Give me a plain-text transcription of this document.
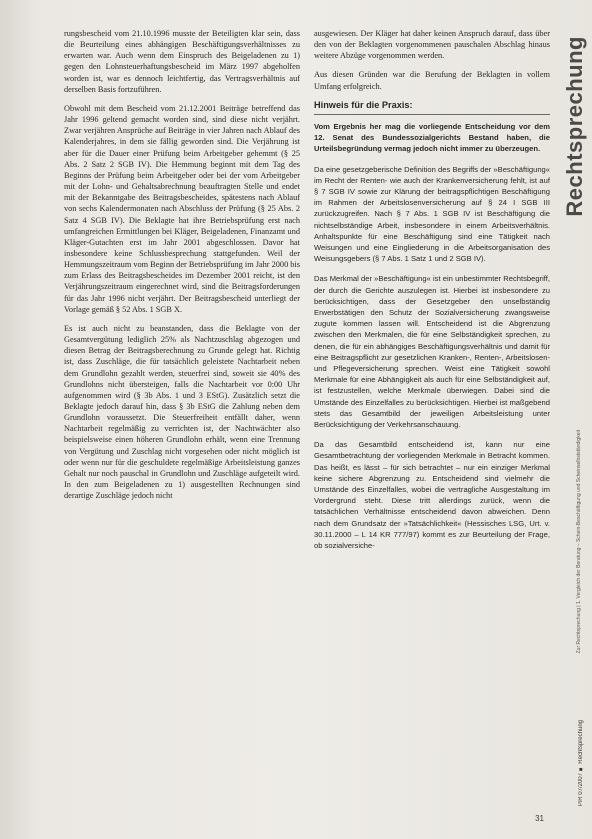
rungsbescheid vom 21.10.1996 musste der Beteiligten klar sein, dass die Beurteilung eines abhängigen Beschäftigungsverhältnisses zu erwarten war. Auch wenn dem Einspruch des Beigeladenen zu 1) gegen den Lohnsteuerhaftungsbescheid im März 1997 abgeholfen worden ist, war es dennoch leichtfertig, das Vertragsverhältnis auf derselben Basis fortzuführen.

Obwohl mit dem Bescheid vom 21.12.2001 Beiträge betreffend das Jahr 1996 geltend gemacht worden sind, sind diese nicht verjährt. Zwar verjähren Ansprüche auf Beiträge in vier Jahren nach Ablauf des Kalenderjahres, in dem sie fällig geworden sind. Die Verjährung ist aber für die Dauer einer Prüfung beim Arbeitgeber gehemmt (§ 25 Abs. 2 Satz 2 SGB IV). Die Hemmung beginnt mit dem Tag des Beginns der Prüfung beim Arbeitgeber oder bei der vom Arbeitgeber mit der Lohn- und Gehaltsabrechnung beauftragten Stelle und endet mit der Bekanntgabe des Beitragsbescheides, spätestens nach Ablauf von sechs Kalendermonaten nach Abschluss der Prüfung (§ 25 Abs. 2 Satz 4 SGB IV). Die Beklagte hat ihre Betriebsprüfung erst nach umfangreichen Ermittlungen bei Kläger, Beigeladenen, Finanzamt und Kläger-Gutachten erst im Jahr 2001 abgeschlossen. Davor hat insbesondere keine Schlussbesprechung stattgefunden. Weil der Hemmungszeitraum vom Beginn der Betriebsprüfung im Jahr 2000 bis zum Erlass des Beitragsbescheides im Dezember 2001 reicht, ist den Verjährungszeitraum eingerechnet wird, sind die Beitragsforderungen für das Jahr 1996 nicht verjährt. Der Beitragsbescheid unterliegt der Vorlage gemäß § 52 Abs. 1 SGB X.

Es ist auch nicht zu beanstanden, dass die Beklagte von der Gesamtvergütung lediglich 25% als Nachtzuschlag abgezogen und diesen Betrag der Beitragsberechnung zu Grunde gelegt hat. Richtig ist, dass Zuschläge, die für tatsächlich geleistete Nachtarbeit neben dem Grundlohn gezahlt werden, steuerfrei sind, soweit sie 40% des Grundlohns nicht übersteigen, falls die Nachtarbeit vor 0:00 Uhr aufgenommen wird (§ 3b Abs. 1 und 3 EStG). Zusätzlich setzt die Beklagte jedoch darauf hin, dass § 3b EStG die Zahlung neben dem Grundlohn voraussetzt. Die Steuerfreiheit entfällt daher, wenn Nachtarbeit regelmäßig zu verrichten ist, der Nachtwächter also beispielsweise einen höheren Grundlohn erhält, wenn eine Trennung von Vergütung und Zuschlag nicht vorgesehen oder nicht möglich ist oder wenn nur für die geschuldete regelmäßige Arbeitsleistung ganzes Gehalt nur noch pauschal in Grundlohn und Zuschläge aufgeteilt wird. In den zum Beigeladenen zu 1) ausgestellten Rechnungen sind derartige Zuschläge jedoch nicht

ausgewiesen. Der Kläger hat daher keinen Anspruch darauf, dass über den von der Beklagten vorgenommenen pauschalen Abschlag hinaus weitere Abzüge vorgenommen werden.

Aus diesen Gründen war die Berufung der Beklagten in vollem Umfang erfolgreich.

Hinweis für die Praxis:

Vom Ergebnis her mag die vorliegende Entscheidung vor dem 12. Senat des Bundessozialgerichts Bestand haben, die Urteilsbegründung vermag jedoch nicht immer zu überzeugen.

Da eine gesetzgeberische Definition des Begriffs der »Beschäftigung« im Recht der Renten- wie auch der Krankenversicherung fehlt, ist auf § 7 SGB IV sowie zur Klärung der beitragspflichtigen Beschäftigung im Rahmen der Arbeitslosenversicherung auf § 24 I SGB III zurückzugreifen. Nach § 7 Abs. 1 SGB IV ist Beschäftigung die nichtselbständige Arbeit, insbesondere in einem Arbeitsverhältnis. Anhaltspunkte für eine Beschäftigung sind eine Tätigkeit nach Weisungen und eine Eingliederung in die Arbeitsorganisation des Weisungsgebers (§ 7 Abs. 1 Satz 1 und 2 SGB IV).

Das Merkmal der »Beschäftigung« ist ein unbestimmter Rechtsbegriff, der durch die Gerichte auszulegen ist. Hierbei ist insbesondere zu berücksichtigen, dass der Gesetzgeber den unselbständig Erwerbstätigen den Schutz der Sozialversicherung zwangsweise zugute kommen lassen will. Entscheidend ist die Abgrenzung zwischen den Merkmalen, die für eine Selbständigkeit sprechen, zu denen, die für ein abhängiges Beschäftigungsverhältnis und damit für eine Beitragspflicht zur gesetzlichen Kranken-, Renten-, Arbeitslosen- und Pflegeversicherung sprechen. Weist eine Tätigkeit sowohl Merkmale für eine Abhängigkeit als auch für eine Selbständigkeit auf, ist festzustellen, welche Merkmale überwiegen. Dabei sind die Umstände des Einzelfalles zu berücksichtigen. Hierbei ist maßgebend stets das Gesamtbild der jeweiligen Arbeitsleistung unter Berücksichtigung der Verkehrsanschauung.

Da das Gesamtbild entscheidend ist, kann nur eine Gesamtbetrachtung der vorliegenden Merkmale in Betracht kommen. Das heißt, es lässt – für sich betrachtet – nur ein einziger Merkmal keine sichere Abgrenzung zu. Entscheidend sind vielmehr die Umstände des Einzelfalles, wobei die vertragliche Ausgestaltung im Vordergrund steht. Diese tritt allerdings zurück, wenn die tatsächlichen Verhältnisse entscheidend davon abweichen. Denn nach dem Grundsatz der »Tatsächlichkeit« (Hessisches LSG, Urt. v. 30.11.2000 – L 14 KR 777/97) kommt es zur Beurteilung der Frage, ob sozialversiche-

Rechtsprechung
Zur Rechtsprechung | 1. Vergleich der Beratung – Schein-Beschäftigung und Scheinselbstständigkeit
PiR 07/2007 ■ Rechtsprechung
31
